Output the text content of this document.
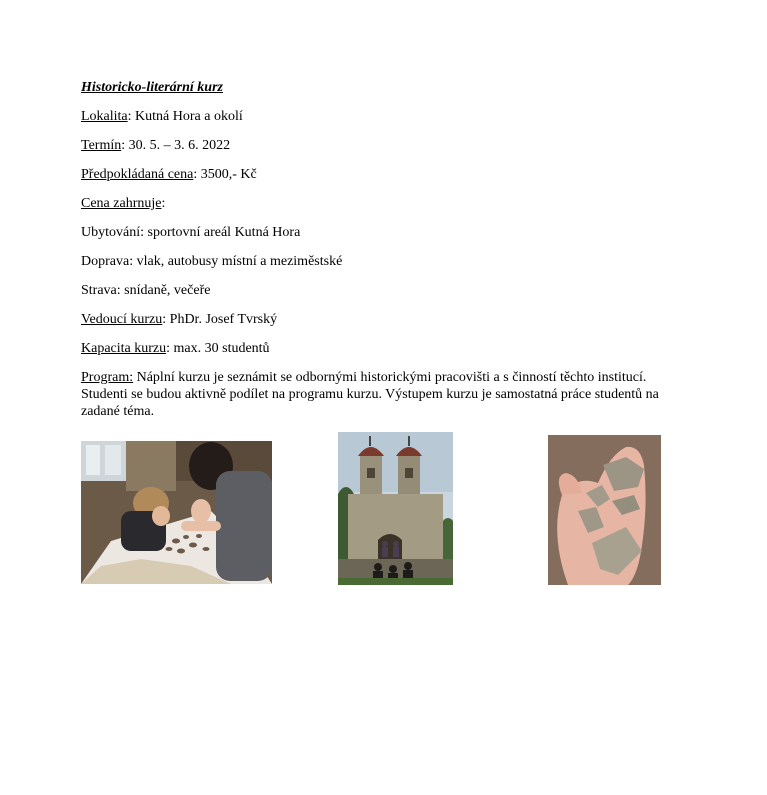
Historicko-literární kurz

Lokalita: Kutná Hora a okolí

Termín: 30. 5. – 3. 6. 2022

Předpokládaná cena: 3500,- Kč

Cena zahrnuje:

Ubytování: sportovní areál Kutná Hora

Doprava: vlak, autobusy místní a meziměstské

Strava: snídaně, večeře

Vedoucí kurzu: PhDr. Josef Tvrský

Kapacita kurzu: max. 30 studentů

Program: Náplní kurzu je seznámit se odbornými historickými pracovišti a s činností těchto institucí. Studenti se budou aktivně podílet na programu kurzu. Výstupem kurzu je samostatná práce studentů na zadané téma.
